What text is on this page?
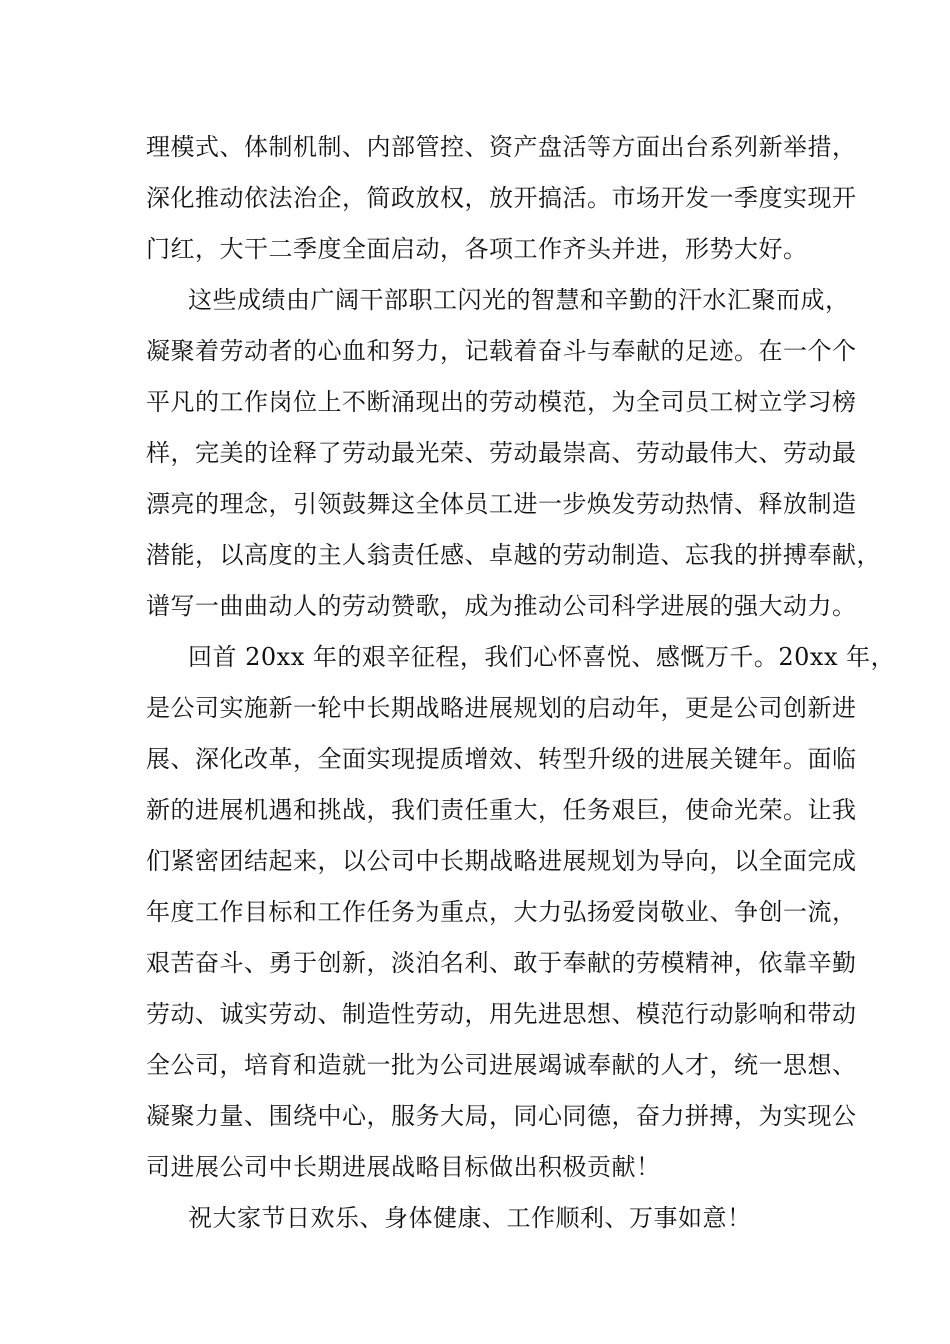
理模式、体制机制、内部管控、资产盘活等方面出台系列新举措，
深化推动依法治企，简政放权，放开搞活。市场开发一季度实现开
门红，大干二季度全面启动，各项工作齐头并进，形势大好。
这些成绩由广阔干部职工闪光的智慧和辛勤的汗水汇聚而成，
凝聚着劳动者的心血和努力，记载着奋斗与奉献的足迹。在一个个
平凡的工作岗位上不断涌现出的劳动模范，为全司员工树立学习榜
样，完美的诠释了劳动最光荣、劳动最崇高、劳动最伟大、劳动最
漂亮的理念，引领鼓舞这全体员工进一步焕发劳动热情、释放制造
潜能，以高度的主人翁责任感、卓越的劳动制造、忘我的拼搏奉献，
谱写一曲曲动人的劳动赞歌，成为推动公司科学进展的强大动力。
回首 20xx 年的艰辛征程，我们心怀喜悦、感慨万千。20xx 年，
是公司实施新一轮中长期战略进展规划的启动年，更是公司创新进
展、深化改革，全面实现提质增效、转型升级的进展关键年。面临
新的进展机遇和挑战，我们责任重大，任务艰巨，使命光荣。让我
们紧密团结起来，以公司中长期战略进展规划为导向，以全面完成
年度工作目标和工作任务为重点，大力弘扬爱岗敬业、争创一流，
艰苦奋斗、勇于创新，淡泊名利、敢于奉献的劳模精神，依靠辛勤
劳动、诚实劳动、制造性劳动，用先进思想、模范行动影响和带动
全公司，培育和造就一批为公司进展竭诚奉献的人才，统一思想、
凝聚力量、围绕中心，服务大局，同心同德，奋力拼搏，为实现公
司进展公司中长期进展战略目标做出积极贡献！
祝大家节日欢乐、身体健康、工作顺利、万事如意！
